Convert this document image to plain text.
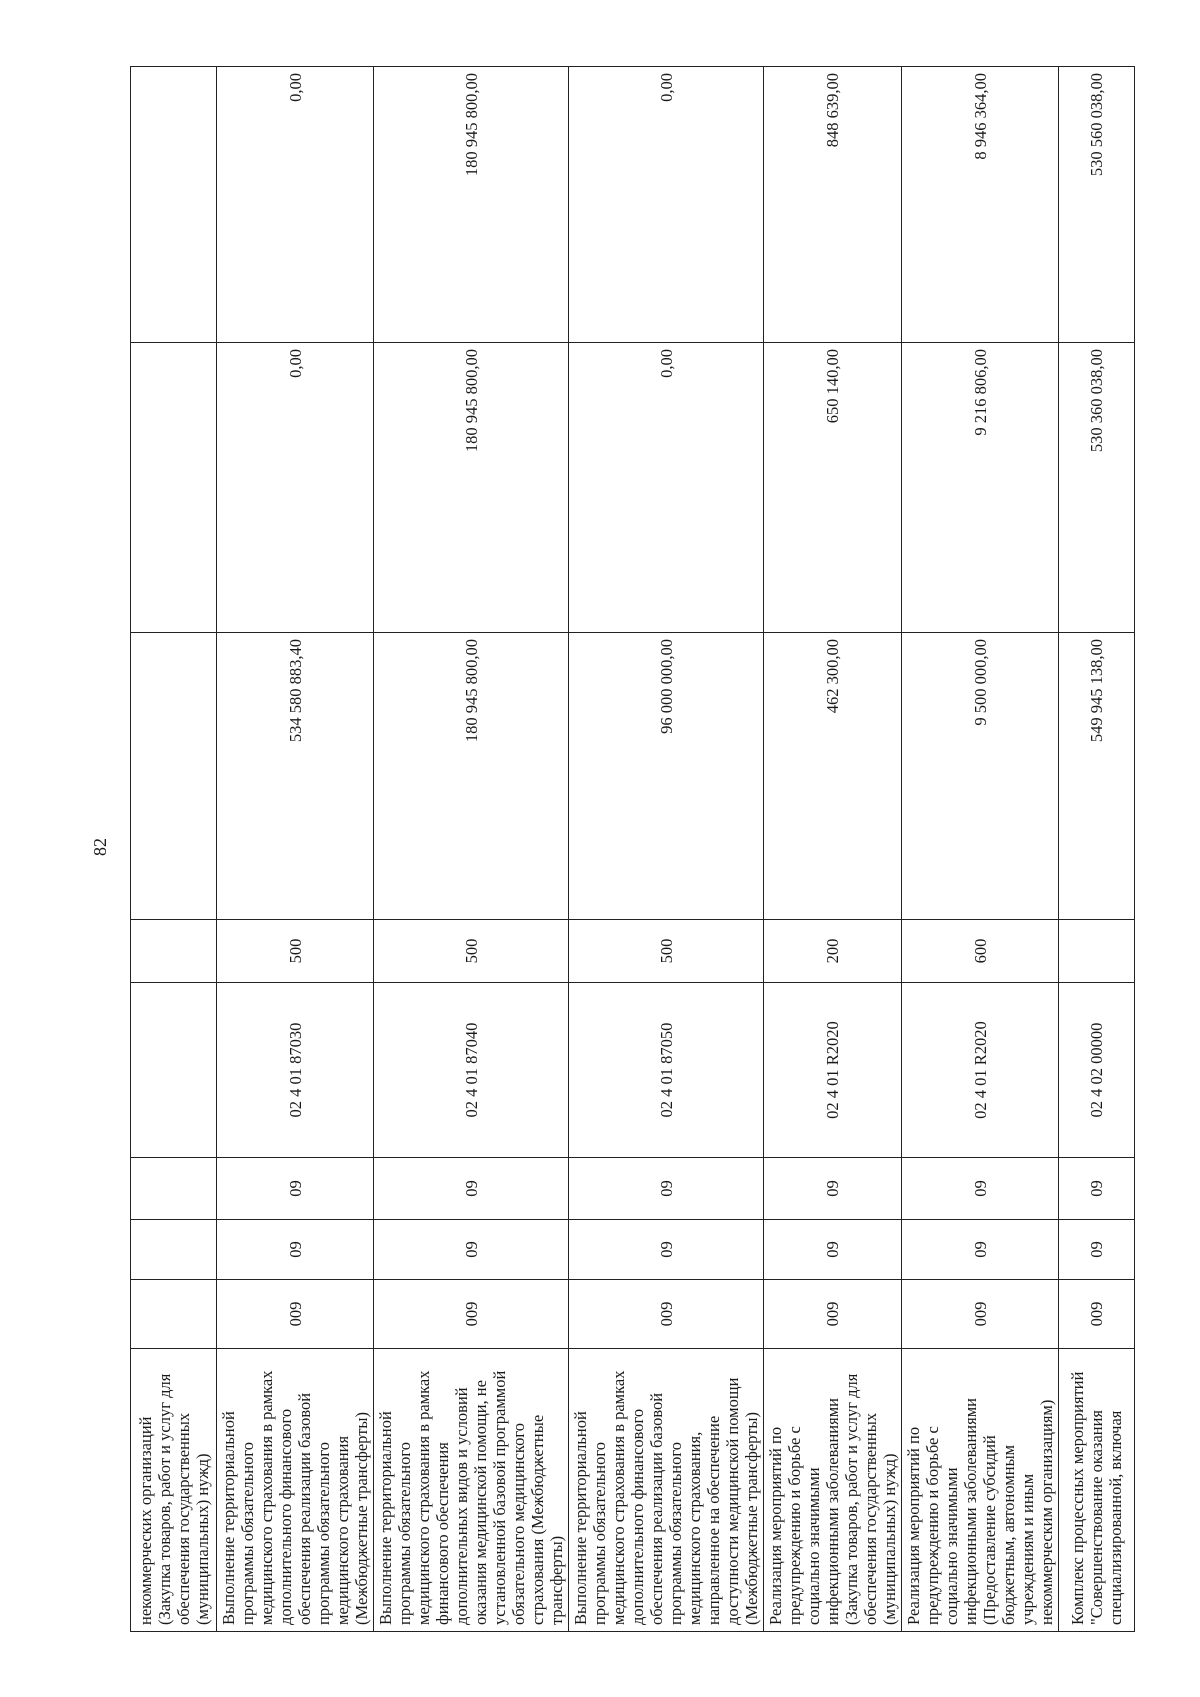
82
некоммерческих организаций (Закупка товаров, работ и услуг для обеспечения государственных (муниципальных) нужд)								
Выполнение территориальной программы обязательного медицинского страхования в рамках дополнительного финансового обеспечения реализации базовой программы обязательного медицинского страхования (Межбюджетные трансферты)	009	09	09	02 4 01 87030	500	534 580 883,40	0,00	0,00
Выполнение территориальной программы обязательного медицинского страхования в рамках финансового обеспечения дополнительных видов и условий оказания медицинской помощи, не установленной базовой программой обязательного медицинского страхования (Межбюджетные трансферты)	009	09	09	02 4 01 87040	500	180 945 800,00	180 945 800,00	180 945 800,00
Выполнение территориальной программы обязательного медицинского страхования в рамках дополнительного финансового обеспечения реализации базовой программы обязательного медицинского страхования, направленное на обеспечение доступности медицинской помощи (Межбюджетные трансферты)	009	09	09	02 4 01 87050	500	96 000 000,00	0,00	0,00
Реализация мероприятий по предупреждению и борьбе с социально значимыми инфекционными заболеваниями (Закупка товаров, работ и услуг для обеспечения государственных (муниципальных) нужд)	009	09	09	02 4 01 R2020	200	462 300,00	650 140,00	848 639,00
Реализация мероприятий по предупреждению и борьбе с социально значимыми инфекционными заболеваниями (Предоставление субсидий бюджетным, автономным учреждениям и иным некоммерческим организациям)	009	09	09	02 4 01 R2020	600	9 500 000,00	9 216 806,00	8 946 364,00
Комплекс процессных мероприятий "Совершенствование оказания специализированной, включая	009	09	09	02 4 02 00000		549 945 138,00	530 360 038,00	530 560 038,00
